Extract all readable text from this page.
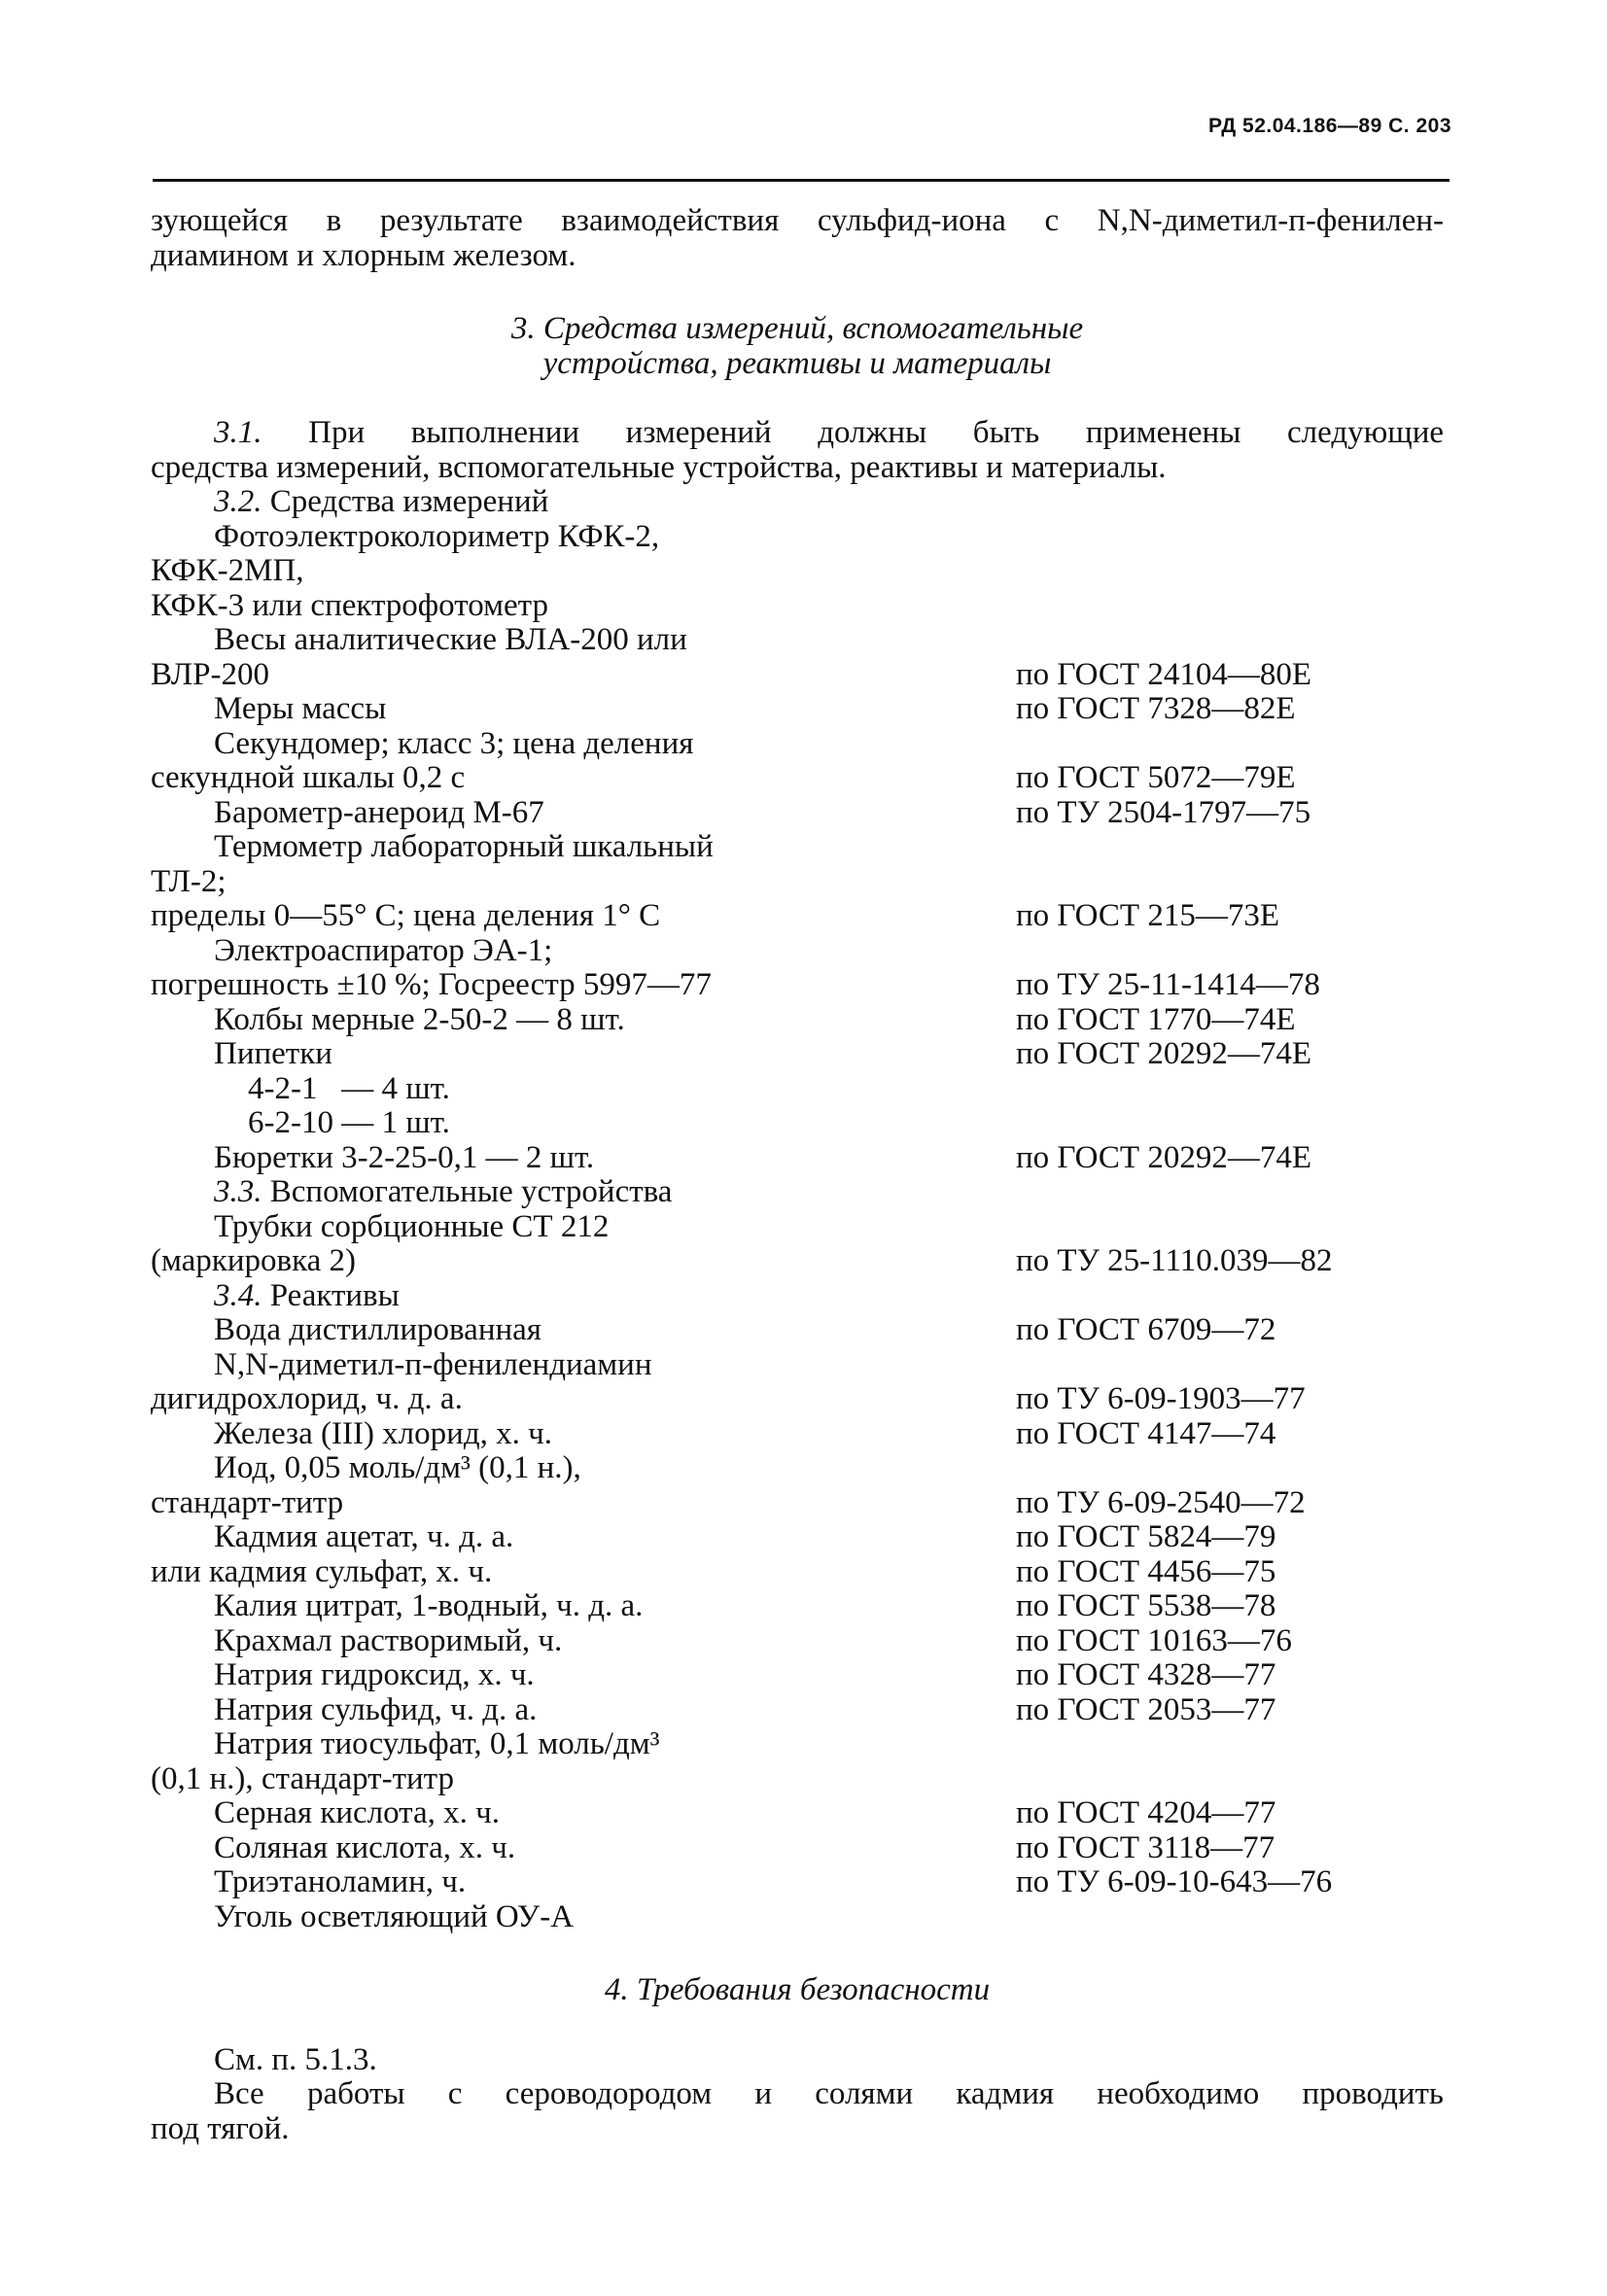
РД 52.04.186—89 С. 203

зующейся в результате взаимодействия сульфид-иона с N,N-диметил-п-фенилен-

диамином и хлорным железом.

3. Средства измерений, вспомогательные

устройства, реактивы и материалы

3.1. При выполнении измерений должны быть применены следующие

средства измерений, вспомогательные устройства, реактивы и материалы.

3.2. Средства измерений	
Фотоэлектроколориметр КФК-2,	
КФК-2МП,	
КФК-3 или спектрофотометр	
Весы аналитические ВЛА-200 или	
ВЛР-200	по ГОСТ 24104—80Е
Меры массы	по ГОСТ 7328—82Е
Секундомер; класс 3; цена деления	
секундной шкалы 0,2 с	по ГОСТ 5072—79Е
Барометр-анероид М-67	по ТУ 2504-1797—75
Термометр лабораторный шкальный	
ТЛ-2;	
пределы 0—55° С; цена деления 1° С	по ГОСТ 215—73Е
Электроаспиратор ЭА-1;	
погрешность ±10 %; Госреестр 5997—77	по ТУ 25-11-1414—78
Колбы мерные 2-50-2 — 8 шт.	по ГОСТ 1770—74Е
Пипетки	по ГОСТ 20292—74Е
4-2-1   — 4 шт.	
6-2-10 — 1 шт.	
Бюретки 3-2-25-0,1 — 2 шт.	по ГОСТ 20292—74Е
3.3. Вспомогательные устройства	
Трубки сорбционные СТ 212	
(маркировка 2)	по ТУ 25-1110.039—82
3.4. Реактивы	
Вода дистиллированная	по ГОСТ 6709—72
N,N-диметил-п-фенилендиамин	
дигидрохлорид, ч. д. а.	по ТУ 6-09-1903—77
Железа (III) хлорид, х. ч.	по ГОСТ 4147—74
Иод, 0,05 моль/дм³ (0,1 н.),	
стандарт-титр	по ТУ 6-09-2540—72
Кадмия ацетат, ч. д. а.	по ГОСТ 5824—79
или кадмия сульфат, х. ч.	по ГОСТ 4456—75
Калия цитрат, 1-водный, ч. д. а.	по ГОСТ 5538—78
Крахмал растворимый, ч.	по ГОСТ 10163—76
Натрия гидроксид, х. ч.	по ГОСТ 4328—77
Натрия сульфид, ч. д. а.	по ГОСТ 2053—77
Натрия тиосульфат, 0,1 моль/дм³	
(0,1 н.), стандарт-титр	
Серная кислота, х. ч.	по ГОСТ 4204—77
Соляная кислота, х. ч.	по ГОСТ 3118—77
Триэтаноламин, ч.	по ТУ 6-09-10-643—76
Уголь осветляющий ОУ-А	

4. Требования безопасности

См. п. 5.1.3.

Все работы с сероводородом и солями кадмия необходимо проводить

под тягой.
